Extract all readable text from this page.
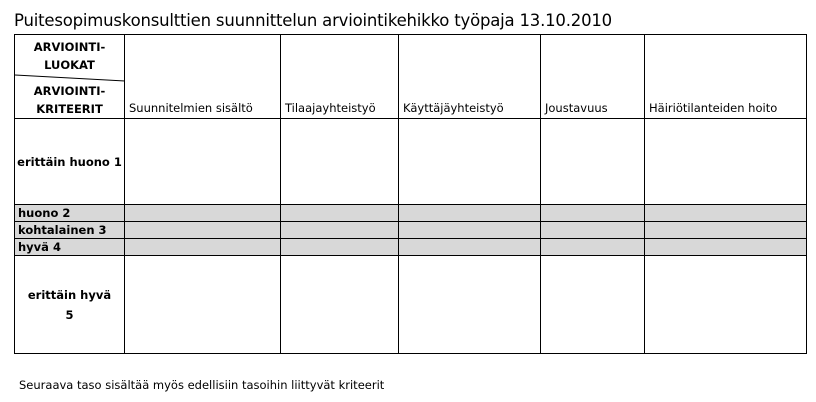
Puitesopimuskonsulttien suunnittelun arviointikehikko työpaja 13.10.2010
ARVIOINTI-
LUOKAT
ARVIOINTI-
KRITEERIT	Suunnitelmien sisältö	Tilaajayhteistyö	Käyttäjäyhteistyö	Joustavuus	Häiriötilanteiden hoito
erittäin huono 1					
huono 2					
kohtalainen 3					
hyvä 4					

erittäin hyvä
5					

Seuraava taso sisältää myös edellisiin tasoihin liittyvät kriteerit
